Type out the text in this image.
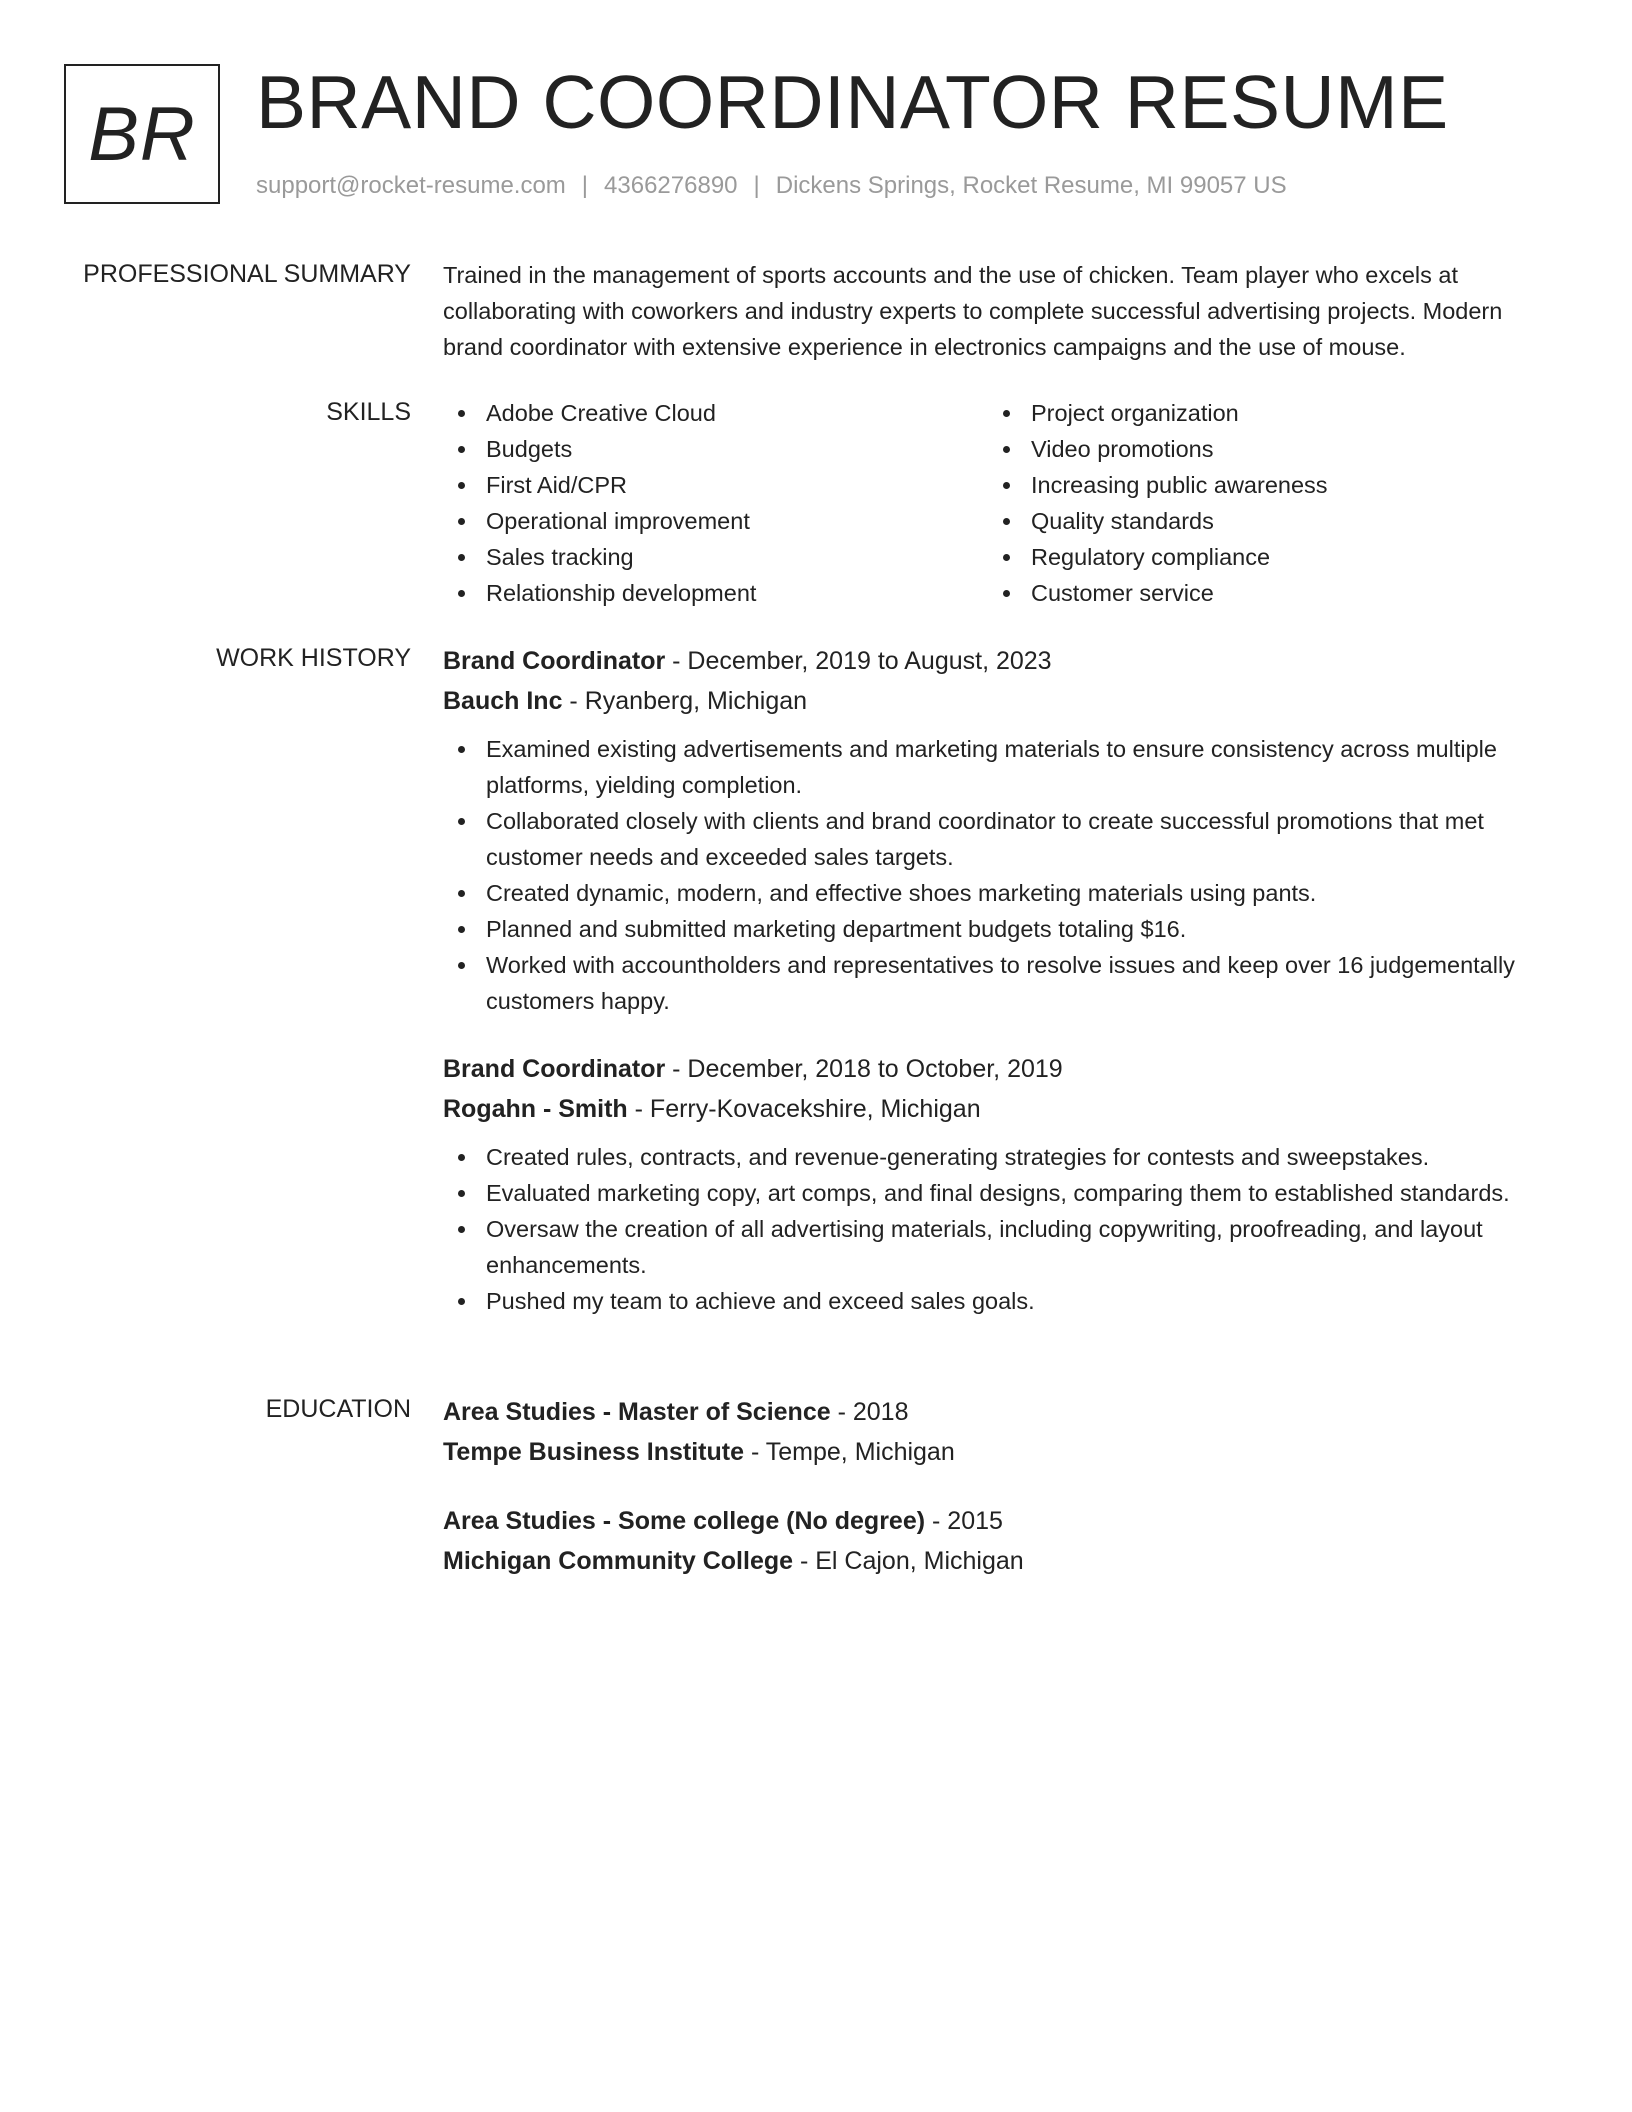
BR BRAND COORDINATOR RESUME
support@rocket-resume.com | 4366276890 | Dickens Springs, Rocket Resume, MI 99057 US
PROFESSIONAL SUMMARY Trained in the management of sports accounts and the use of chicken. Team player who excels at collaborating with coworkers and industry experts to complete successful advertising projects. Modern brand coordinator with extensive experience in electronics campaigns and the use of mouse.

SKILLS	Adobe Creative Cloud
Budgets
First Aid/CPR
Operational improvement
Sales tracking
Relationship development
Project organization
Video promotions
Increasing public awareness
Quality standards
Regulatory compliance
Customer service
WORK HISTORY Brand Coordinator - December, 2019 to August, 2023
Bauch Inc - Ryanberg, Michigan
Examined existing advertisements and marketing materials to ensure consistency across multiple platforms, yielding completion.
Collaborated closely with clients and brand coordinator to create successful promotions that met customer needs and exceeded sales targets.
Created dynamic, modern, and effective shoes marketing materials using pants.
Planned and submitted marketing department budgets totaling $16.
Worked with accountholders and representatives to resolve issues and keep over 16 judgementally customers happy.
Brand Coordinator - December, 2018 to October, 2019
Rogahn - Smith - Ferry-Kovacekshire, Michigan
Created rules, contracts, and revenue-generating strategies for contests and sweepstakes.
Evaluated marketing copy, art comps, and final designs, comparing them to established standards.
Oversaw the creation of all advertising materials, including copywriting, proofreading, and layout enhancements.
Pushed my team to achieve and exceed sales goals.
EDUCATION Area Studies - Master of Science - 2018
Tempe Business Institute - Tempe, Michigan
Area Studies - Some college (No degree) - 2015
Michigan Community College - El Cajon, Michigan
